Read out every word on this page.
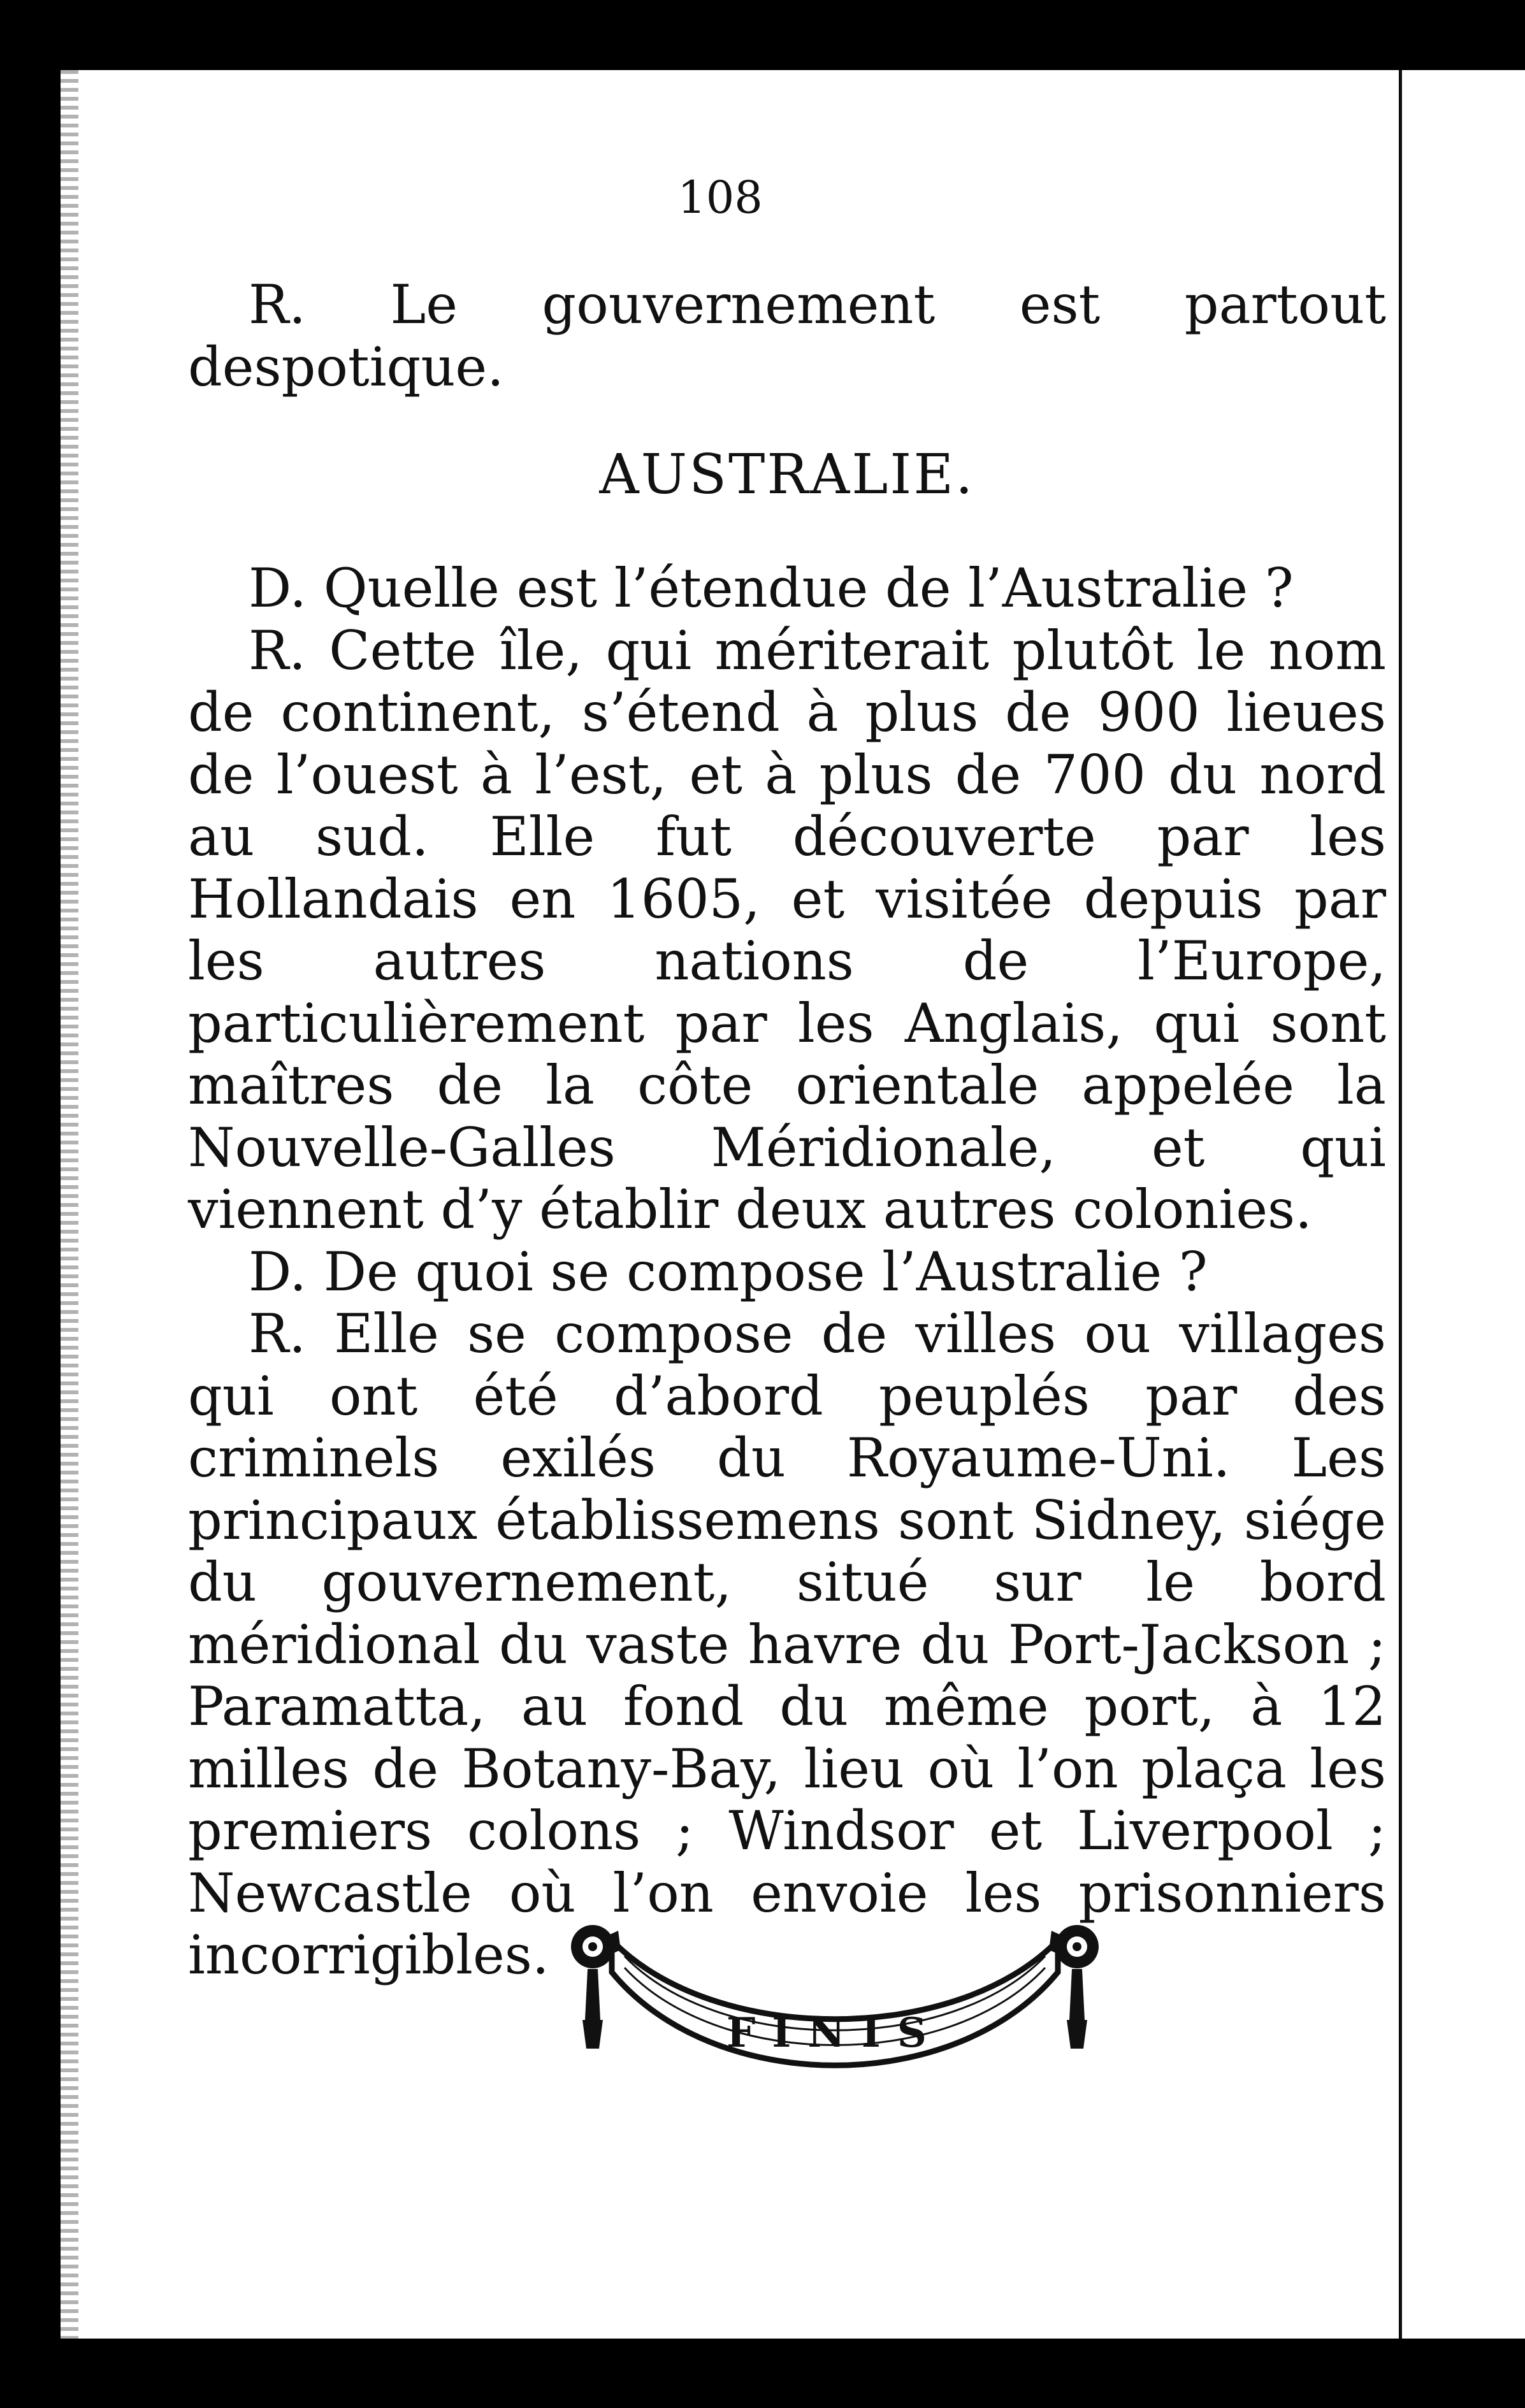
108

R. Le gouvernement est partout despotique.

AUSTRALIE.

D. Quelle est l’étendue de l’Australie ?

R. Cette île, qui mériterait plutôt le nom de continent, s’étend à plus de 900 lieues de l’ouest à l’est, et à plus de 700 du nord au sud. Elle fut découverte par les Hollandais en 1605, et visitée depuis par les autres nations de l’Europe, particulièrement par les Anglais, qui sont maîtres de la côte orientale appelée la Nouvelle-Galles Méridionale, et qui viennent d’y établir deux autres colonies.

D. De quoi se compose l’Australie ?

R. Elle se compose de villes ou villages qui ont été d’abord peuplés par des criminels exilés du Royaume-Uni. Les principaux établissemens sont Sidney, siége du gouvernement, situé sur le bord méridional du vaste havre du Port-Jackson ; Paramatta, au fond du même port, à 12 milles de Botany-Bay, lieu où l’on plaça les premiers colons ; Windsor et Liverpool ; Newcastle où l’on envoie les prisonniers incorrigibles.

FINIS
